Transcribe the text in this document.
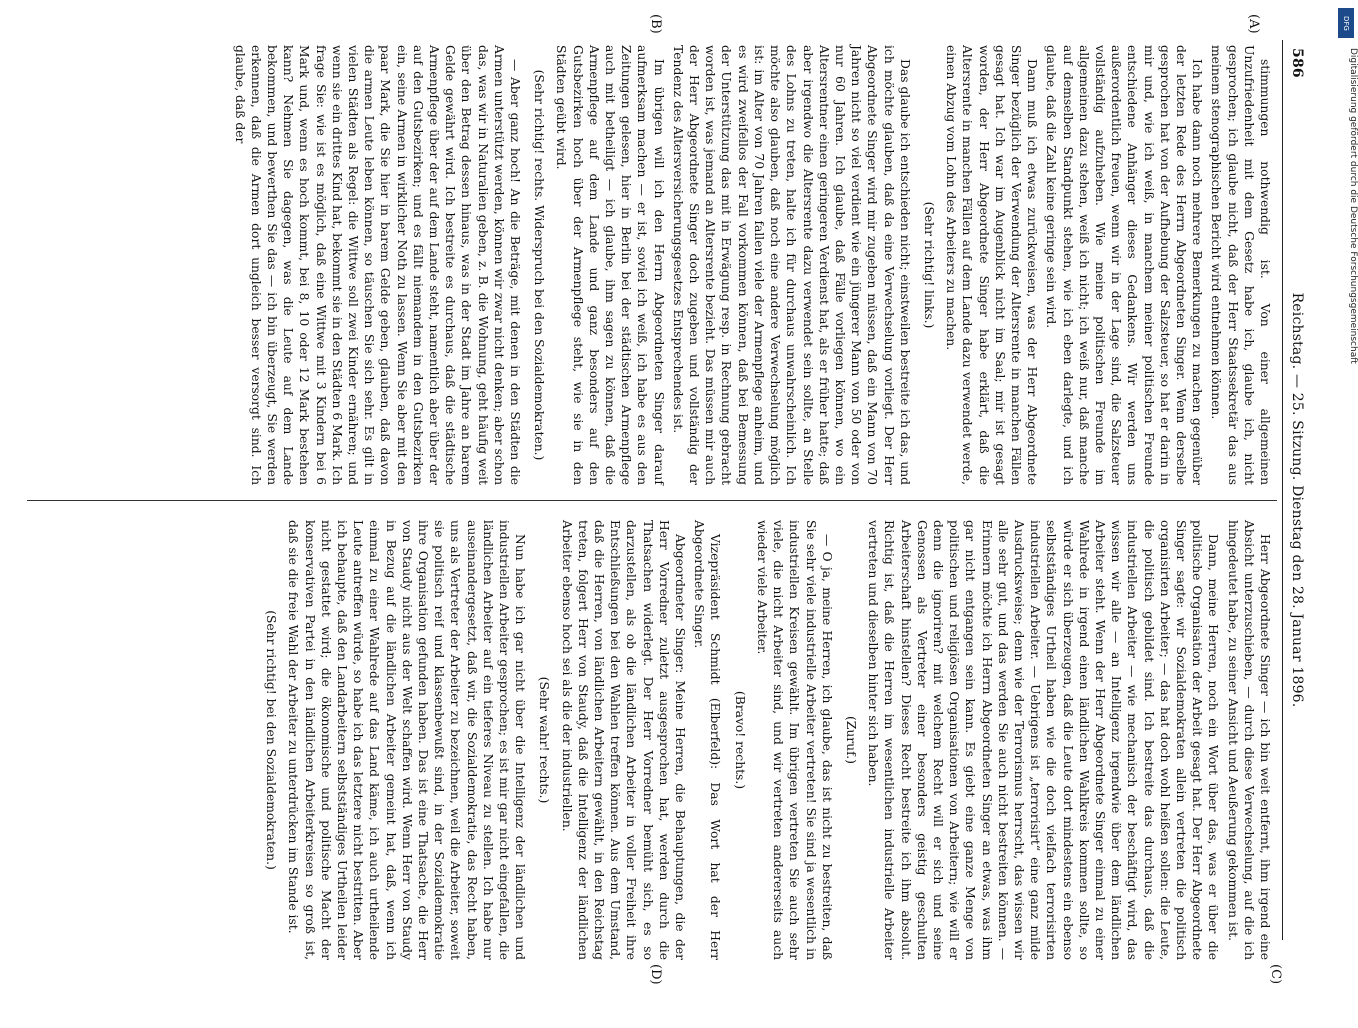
586
Reichstag. — 25. Sitzung. Dienstag den 28. Januar 1896.
(A)
(B)
(C)
(D)

stimmungen nothwendig ist. Von einer allgemeinen Unzufriedenheit mit dem Gesetz habe ich, glaube ich, nicht gesprochen; ich glaube nicht, daß der Herr Staatssekretär das aus meinem stenographischen Bericht wird entnehmen können.

Ich habe dann noch mehrere Bemerkungen zu machen gegenüber der letzten Rede des Herrn Abgeordneten Singer. Wenn derselbe gesprochen hat von der Aufhebung der Salzsteuer, so hat er darin in mir und, wie ich weiß, in manchem meiner politischen Freunde entschiedene Anhänger dieses Gedankens. Wir werden uns außerordentlich freuen, wenn wir in der Lage sind, die Salzsteuer vollständig aufzuheben. Wie meine politischen Freunde im allgemeinen dazu stehen, weiß ich nicht; ich weiß nur, daß manche auf demselben Standpunkt stehen, wie ich eben darlegte, und ich glaube, daß die Zahl keine geringe sein wird.

Dann muß ich etwas zurückweisen, was der Herr Abgeordnete Singer bezüglich der Verwendung der Altersrente in manchen Fällen gesagt hat. Ich war im Augenblick nicht im Saal; mir ist gesagt worden, der Herr Abgeordnete Singer habe erklärt, daß die Altersrente in manchen Fällen auf dem Lande dazu verwendet werde, einen Abzug vom Lohn des Arbeiters zu machen.

(Sehr richtig! links.)

Das glaube ich entschieden nicht; einstweilen bestreite ich das, und ich möchte glauben, daß da eine Verwechselung vorliegt. Der Herr Abgeordnete Singer wird mir zugeben müssen, daß ein Mann von 70 Jahren nicht so viel verdient wie ein jüngerer Mann von 50 oder von nur 60 Jahren. Ich glaube, daß Fälle vorliegen können, wo ein Altersrentner einen geringeren Verdienst hat, als er früher hatte; daß aber irgendwo die Altersrente dazu verwendet sein sollte, an Stelle des Lohns zu treten, halte ich für durchaus unwahrscheinlich. Ich möchte also glauben, daß noch eine andere Verwechselung möglich ist: im Alter von 70 Jahren fallen viele der Armenpflege anheim, und es wird zweifellos der Fall vorkommen können, daß bei Bemessung der Unterstützung das mit in Erwägung resp. in Rechnung gebracht worden ist, was jemand an Altersrente bezieht. Das müssen mir auch der Herr Abgeordnete Singer doch zugeben und vollständig der Tendenz des Altersversicherungsgesetzes Entsprechendes ist.

Im übrigen will ich den Herrn Abgeordneten Singer darauf aufmerksam machen — er ist, soviel ich weiß, ich habe es aus den Zeitungen gelesen, hier in Berlin bei der städtischen Armenpflege auch mit betheiligt — ich glaube, ihm sagen zu können, daß die Armenpflege auf dem Lande und ganz besonders auf den Gutsbezirken hoch über der Armenpflege steht, wie sie in den Städten geübt wird.

(Sehr richtig! rechts. Widerspruch bei den Sozialdemokraten.)

— Aber ganz hoch! An die Beträge, mit denen in den Städten die Armen unterstützt werden, können wir zwar nicht denken; aber schon das, was wir in Naturalien geben, z. B. die Wohnung, geht häufig weit über den Betrag dessen hinaus, was in der Stadt im Jahre an barem Gelde gewährt wird. Ich bestreite es durchaus, daß die städtische Armenpflege über der auf dem Lande steht, namentlich aber über der auf den Gutsbezirken; und es fällt niemandem in den Gutsbezirken ein, seine Armen in wirklicher Noth zu lassen. Wenn Sie aber mit den paar Mark, die Sie hier in barem Gelde geben, glauben, daß davon die armen Leute leben können, so täuschen Sie sich sehr. Es gilt in vielen Städten als Regel: die Wittwe soll zwei Kinder ernähren; und wenn sie ein drittes Kind hat, bekommt sie in den Städten 6 Mark. Ich frage Sie: wie ist es möglich, daß eine Wittwe mit 3 Kindern bei 6 Mark und, wenn es hoch kommt, bei 8, 10 oder 12 Mark bestehen kann? Nehmen Sie dagegen, was die Leute auf dem Lande bekommen, und bewerthen Sie das — ich bin überzeugt, Sie werden erkennen, daß die Armen dort ungleich besser versorgt sind. Ich glaube, daß der

Herr Abgeordnete Singer — ich bin weit entfernt, ihm irgend eine Absicht unterzuschieben, — durch diese Verwechselung, auf die ich hingedeutet habe, zu seiner Ansicht und Aeußerung gekommen ist.

Dann, meine Herren, noch ein Wort über das, was er über die politische Organisation der Arbeit gesagt hat. Der Herr Abgeordnete Singer sagte: wir Sozialdemokraten allein vertreten die politisch organisirten Arbeiter; — das hat doch wohl heißen sollen: die Leute, die politisch gebildet sind. Ich bestreite das durchaus, daß die industriellen Arbeiter — wie mechanisch der beschäftigt wird, das wissen wir alle — an Intelligenz irgendwie über dem ländlichen Arbeiter steht. Wenn der Herr Abgeordnete Singer einmal zu einer Wahlrede in irgend einen ländlichen Wahlkreis kommen sollte, so würde er sich überzeugen, daß die Leute dort mindestens ein ebenso selbstständiges Urtheil haben wie die doch vielfach terrorisirten industriellen Arbeiter. — Uebrigens ist „terrorisirt“ eine ganz milde Ausdrucksweise; denn wie der Terrorismus herrscht, das wissen wir alle sehr gut, und das werden Sie auch nicht bestreiten können. — Erinnern möchte ich Herrn Abgeordneten Singer an etwas, was ihm gar nicht entgangen sein kann. Es giebt eine ganze Menge von politischen und religiösen Organisationen von Arbeitern; wie will er denn die ignoriren? mit welchem Recht will er sich und seine Genossen als Vertreter einer besonders geistig geschulten Arbeiterschaft hinstellen? Dieses Recht bestreite ich ihm absolut. Richtig ist, daß die Herren im wesentlichen industrielle Arbeiter vertreten und dieselben hinter sich haben.

(Zuruf.)

— O ja, meine Herren, ich glaube, das ist nicht zu bestreiten, daß Sie sehr viele industrielle Arbeiter vertreten! Sie sind ja wesentlich in industriellen Kreisen gewählt. Im übrigen vertreten Sie auch sehr viele, die nicht Arbeiter sind, und wir vertreten andererseits auch wieder viele Arbeiter.

(Bravo! rechts.)

Vizepräsident Schmidt (Elberfeld): Das Wort hat der Herr Abgeordnete Singer.

Abgeordneter Singer: Meine Herren, die Behauptungen, die der Herr Vorredner zuletzt ausgesprochen hat, werden durch die Thatsachen widerlegt. Der Herr Vorredner bemüht sich, es so darzustellen, als ob die ländlichen Arbeiter in voller Freiheit ihre Entschließungen bei den Wahlen treffen können. Aus dem Umstand, daß die Herren, von ländlichen Arbeitern gewählt, in den Reichstag treten, folgert Herr von Staudy, daß die Intelligenz der ländlichen Arbeiter ebenso hoch sei als die der industriellen.

(Sehr wahr! rechts.)

Nun habe ich gar nicht über die Intelligenz der ländlichen und industriellen Arbeiter gesprochen; es ist mir gar nicht eingefallen, die ländlichen Arbeiter auf ein tieferes Niveau zu stellen. Ich habe nur auseinandergesetzt, daß wir, die Sozialdemokratie, das Recht haben, uns als Vertreter der Arbeiter zu bezeichnen, weil die Arbeiter, soweit sie politisch reif und klassenbewußt sind, in der Sozialdemokratie ihre Organisation gefunden haben. Das ist eine Thatsache, die Herr von Staudy nicht aus der Welt schaffen wird. Wenn Herr von Staudy in Bezug auf die ländlichen Arbeiter gemeint hat, daß, wenn ich einmal zu einer Wahlrede auf das Land käme, ich auch urtheilende Leute antreffen würde, so habe ich das letztere nicht bestritten. Aber ich behaupte, daß den Landarbeitern selbstständiges Urtheilen leider nicht gestattet wird; die ökonomische und politische Macht der konservativen Partei in den ländlichen Arbeiterkreisen so groß ist, daß sie die freie Wahl der Arbeiter zu unterdrücken im Stande ist.

(Sehr richtig! bei den Sozialdemokraten.)

DFG
Digitalisierung gefördert durch die Deutsche Forschungsgemeinschaft
